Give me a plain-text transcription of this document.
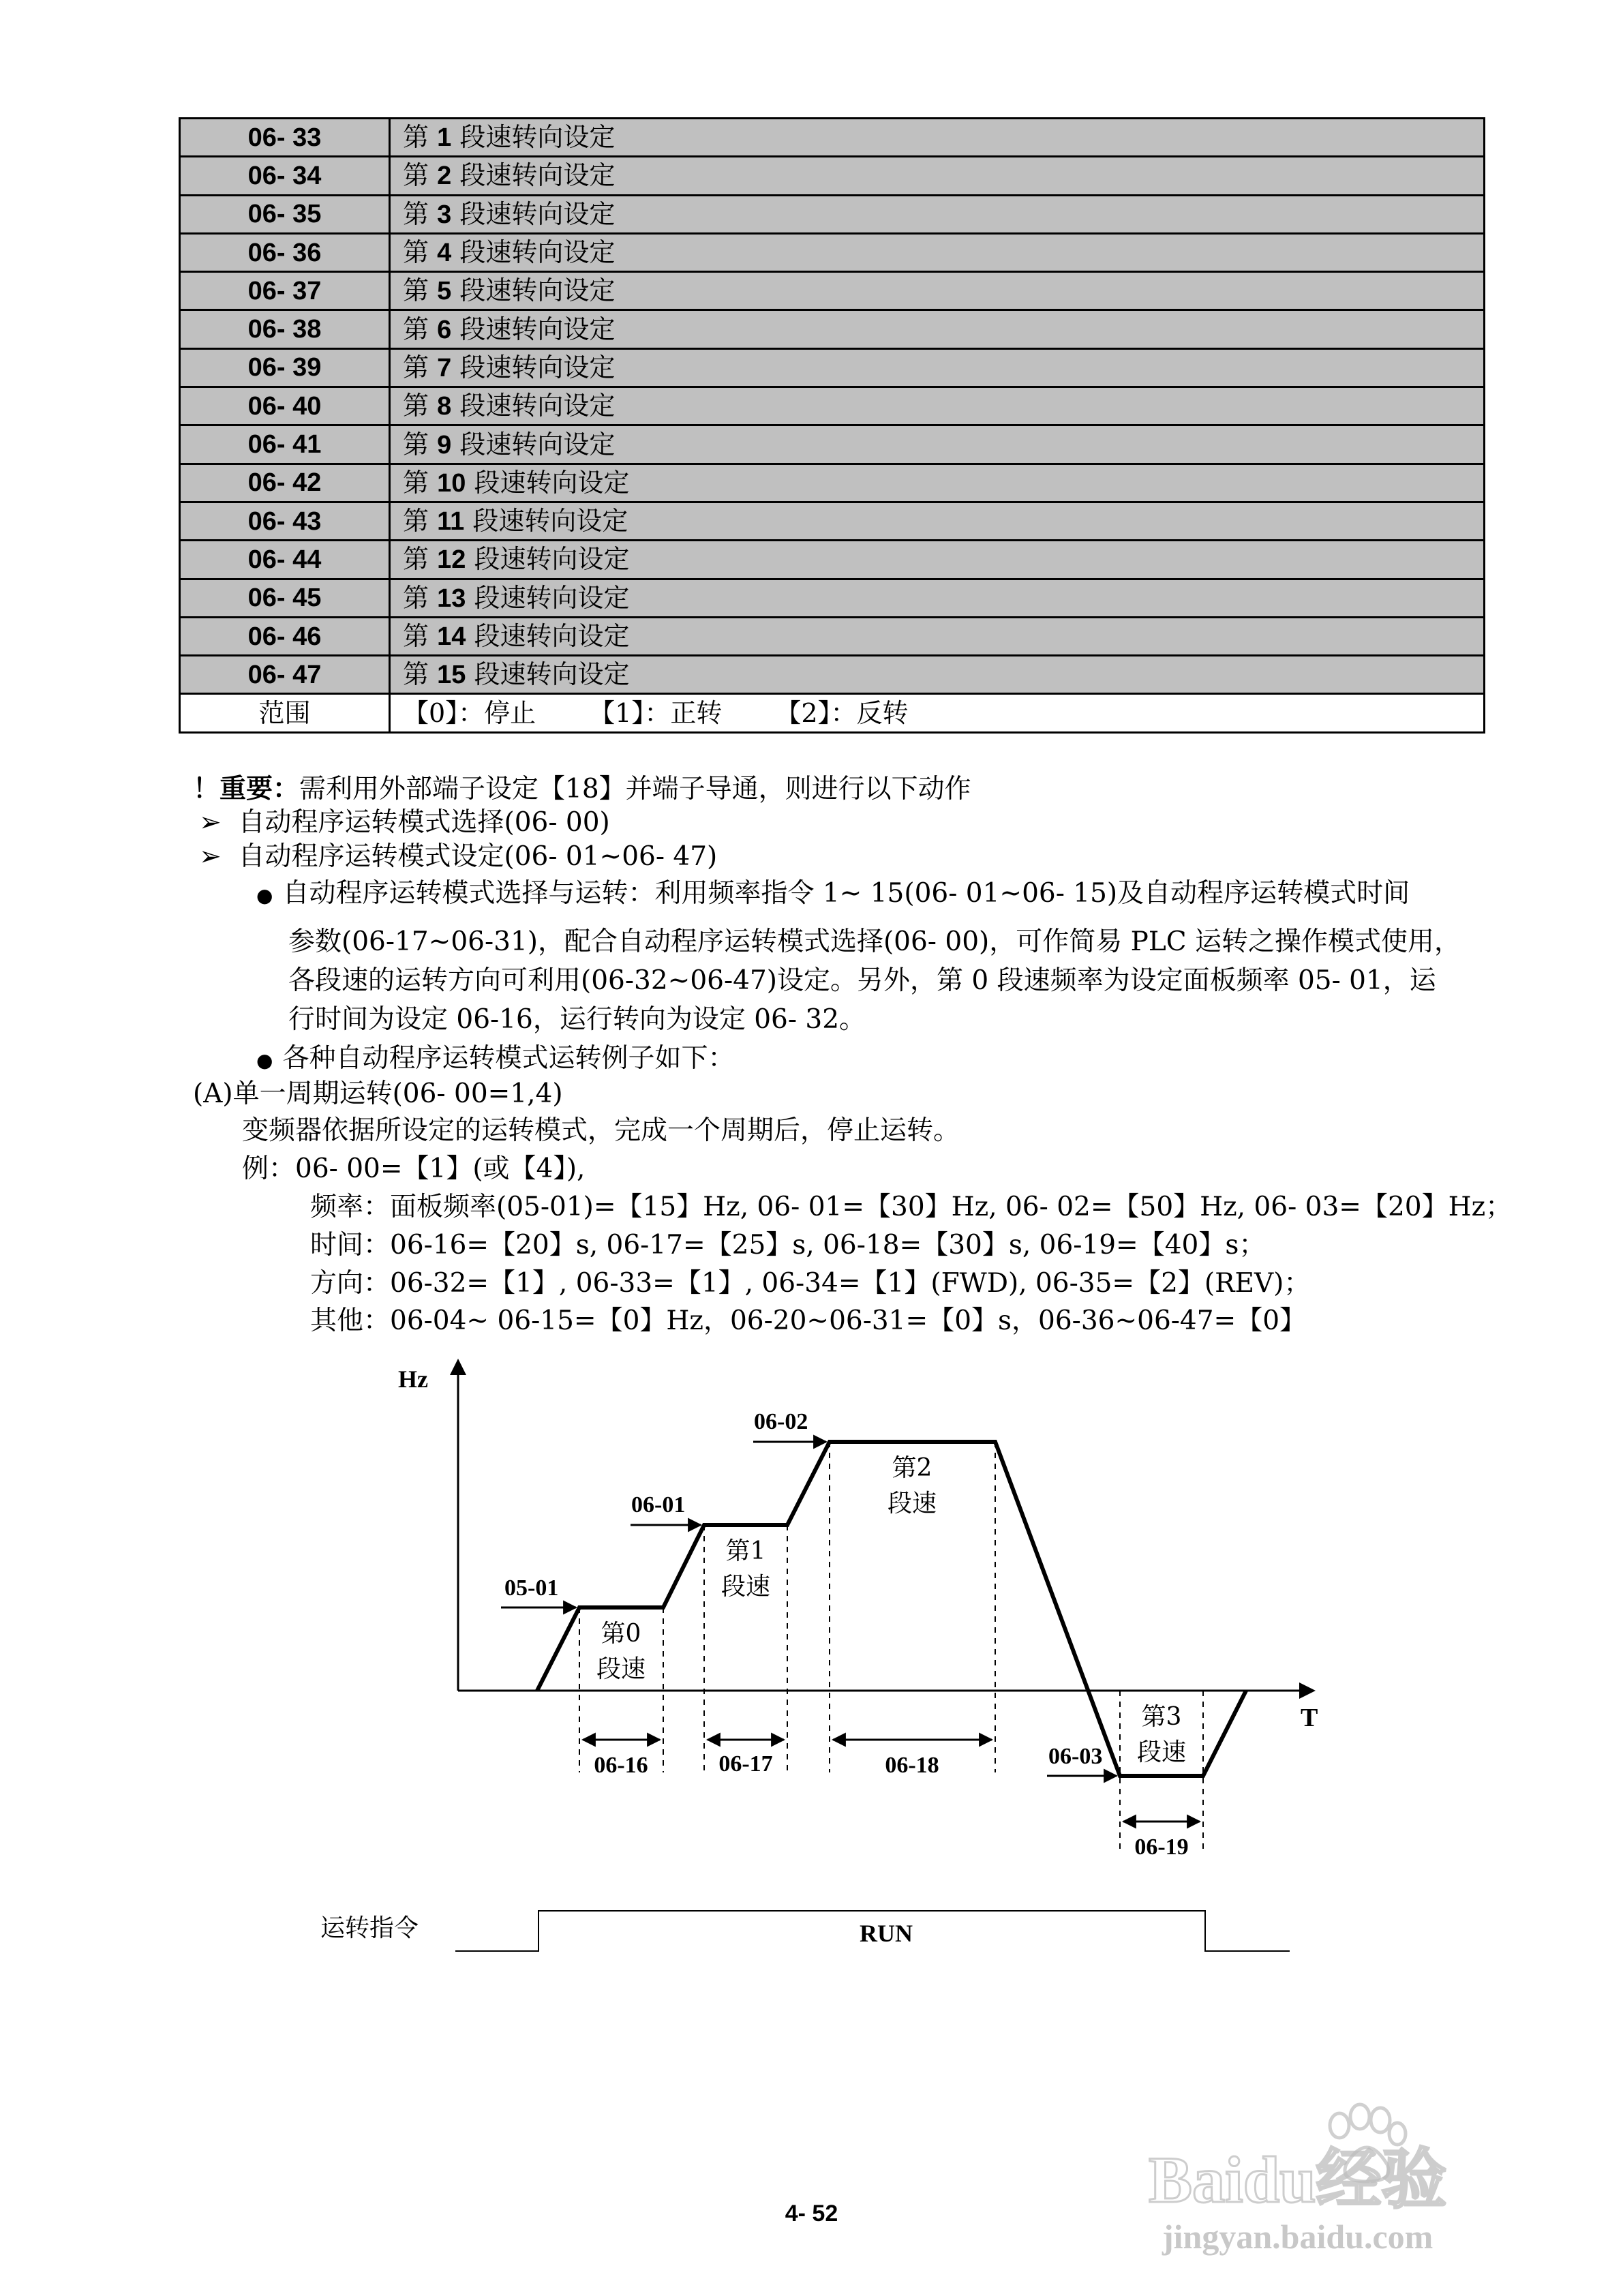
06- 33	第 1 段速转向设定
06- 34	第 2 段速转向设定
06- 35	第 3 段速转向设定
06- 36	第 4 段速转向设定
06- 37	第 5 段速转向设定
06- 38	第 6 段速转向设定
06- 39	第 7 段速转向设定
06- 40	第 8 段速转向设定
06- 41	第 9 段速转向设定
06- 42	第 10 段速转向设定
06- 43	第 11 段速转向设定
06- 44	第 12 段速转向设定
06- 45	第 13 段速转向设定
06- 46	第 14 段速转向设定
06- 47	第 15 段速转向设定
范围	【0】：停止 【1】：正转 【2】：反转
！重要：需利用外部端子设定【18】并端子导通，则进行以下动作
➢ 自动程序运转模式选择(06- 00)
➢ 自动程序运转模式设定(06- 01~06- 47)
● 自动程序运转模式选择与运转：利用频率指令 1~ 15(06- 01~06- 15)及自动程序运转模式时间
参数(06-17~06-31)，配合自动程序运转模式选择(06- 00)，可作简易 PLC 运转之操作模式使用，
各段速的运转方向可利用(06-32~06-47)设定。另外，第 0 段速频率为设定面板频率 05- 01，运
行时间为设定 06-16，运行转向为设定 06- 32。
● 各种自动程序运转模式运转例子如下：
(A)单一周期运转(06- 00=1,4)
变频器依据所设定的运转模式，完成一个周期后，停止运转。
例：06- 00=【1】(或【4】),
频率：面板频率(05-01)=【15】Hz, 06- 01=【30】Hz, 06- 02=【50】Hz, 06- 03=【20】Hz；
时间：06-16=【20】s, 06-17=【25】s, 06-18=【30】s, 06-19=【40】s；
方向：06-32=【1】, 06-33=【1】, 06-34=【1】(FWD), 06-35=【2】(REV)；
其他：06-04~ 06-15=【0】Hz，06-20~06-31=【0】s，06-36~06-47=【0】
Hz
T
05-01
06-01
06-02
06-03
第0
段速
第1
段速
第2
段速
第3
段速
06-16	06-17	06-18
06-19
运转指令	RUN
4- 52	Baidu经验
jingyan.baidu.com
